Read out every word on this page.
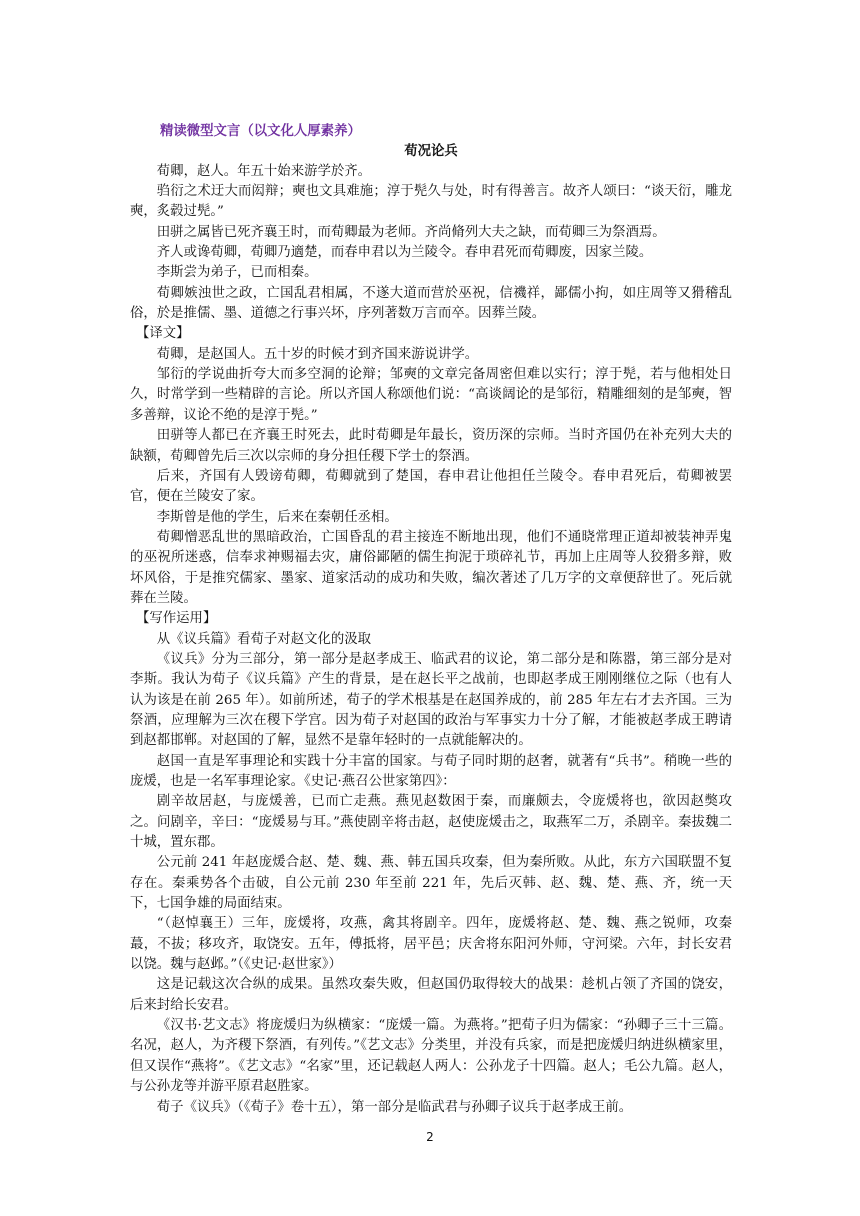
精读微型文言（以文化人厚素养）

荀况论兵

荀卿，赵人。年五十始来游学於齐。

驺衍之术迂大而闳辩；奭也文具难施；淳于髡久与处，时有得善言。故齐人颂曰：“谈天衍，雕龙奭，炙毂过髡。”

田骈之属皆已死齐襄王时，而荀卿最为老师。齐尚脩列大夫之缺，而荀卿三为祭酒焉。

齐人或谗荀卿，荀卿乃適楚，而春申君以为兰陵令。春申君死而荀卿废，因家兰陵。

李斯尝为弟子，已而相秦。

荀卿嫉浊世之政，亡国乱君相属，不遂大道而营於巫祝，信禨祥，鄙儒小拘，如庄周等又猾稽乱俗，於是推儒、墨、道德之行事兴坏，序列著数万言而卒。因葬兰陵。

【译文】

荀卿，是赵国人。五十岁的时候才到齐国来游说讲学。

邹衍的学说曲折夸大而多空洞的论辩；邹奭的文章完备周密但难以实行；淳于髡，若与他相处日久，时常学到一些精辟的言论。所以齐国人称颂他们说：“高谈阔论的是邹衍，精雕细刻的是邹奭，智多善辩，议论不绝的是淳于髡。”

田骈等人都已在齐襄王时死去，此时荀卿是年最长，资历深的宗师。当时齐国仍在补充列大夫的缺额，荀卿曾先后三次以宗师的身分担任稷下学士的祭酒。

后来，齐国有人毁谤荀卿，荀卿就到了楚国，春申君让他担任兰陵令。春申君死后，荀卿被罢官，便在兰陵安了家。

李斯曾是他的学生，后来在秦朝任丞相。

荀卿憎恶乱世的黑暗政治，亡国昏乱的君主接连不断地出现，他们不通晓常理正道却被装神弄鬼的巫祝所迷惑，信奉求神赐福去灾，庸俗鄙陋的儒生拘泥于琐碎礼节，再加上庄周等人狡猾多辩，败坏风俗，于是推究儒家、墨家、道家活动的成功和失败，编次著述了几万字的文章便辞世了。死后就葬在兰陵。

【写作运用】

从《议兵篇》看荀子对赵文化的汲取

《议兵》分为三部分，第一部分是赵孝成王、临武君的议论，第二部分是和陈嚣，第三部分是对李斯。我认为荀子《议兵篇》产生的背景，是在赵长平之战前，也即赵孝成王刚刚继位之际（也有人认为该是在前 265 年）。如前所述，荀子的学术根基是在赵国养成的，前 285 年左右才去齐国。三为祭酒，应理解为三次在稷下学宫。因为荀子对赵国的政治与军事实力十分了解，才能被赵孝成王聘请到赵都邯郸。对赵国的了解，显然不是靠年轻时的一点就能解决的。

赵国一直是军事理论和实践十分丰富的国家。与荀子同时期的赵奢，就著有“兵书”。稍晚一些的庞煖，也是一名军事理论家。《史记·燕召公世家第四》：

剧辛故居赵，与庞煖善，已而亡走燕。燕见赵数困于秦，而廉颇去，令庞煖将也，欲因赵獘攻之。问剧辛，辛曰：“庞煖易与耳。”燕使剧辛将击赵，赵使庞煖击之，取燕军二万，杀剧辛。秦拔魏二十城，置东郡。

公元前 241 年赵庞煖合赵、楚、魏、燕、韩五国兵攻秦，但为秦所败。从此，东方六国联盟不复存在。秦乘势各个击破，自公元前 230 年至前 221 年，先后灭韩、赵、魏、楚、燕、齐，统一天下，七国争雄的局面结束。

“（赵悼襄王）三年，庞煖将，攻燕，禽其将剧辛。四年，庞煖将赵、楚、魏、燕之锐师，攻秦蕞，不拔；移攻齐，取饶安。五年，傅抵将，居平邑；庆舍将东阳河外师，守河梁。六年，封长安君以饶。魏与赵邺。”（《史记·赵世家》）

这是记载这次合纵的成果。虽然攻秦失败，但赵国仍取得较大的战果：趁机占领了齐国的饶安，后来封给长安君。

《汉书·艺文志》将庞煖归为纵横家：“庞煖一篇。为燕将。”把荀子归为儒家：“孙卿子三十三篇。名况，赵人，为齐稷下祭酒，有列传。”《艺文志》分类里，并没有兵家，而是把庞煖归纳进纵横家里，但又误作“燕将”。《艺文志》“名家”里，还记载赵人两人：公孙龙子十四篇。赵人；毛公九篇。赵人，与公孙龙等并游平原君赵胜家。

荀子《议兵》（《荀子》卷十五），第一部分是临武君与孙卿子议兵于赵孝成王前。

2
